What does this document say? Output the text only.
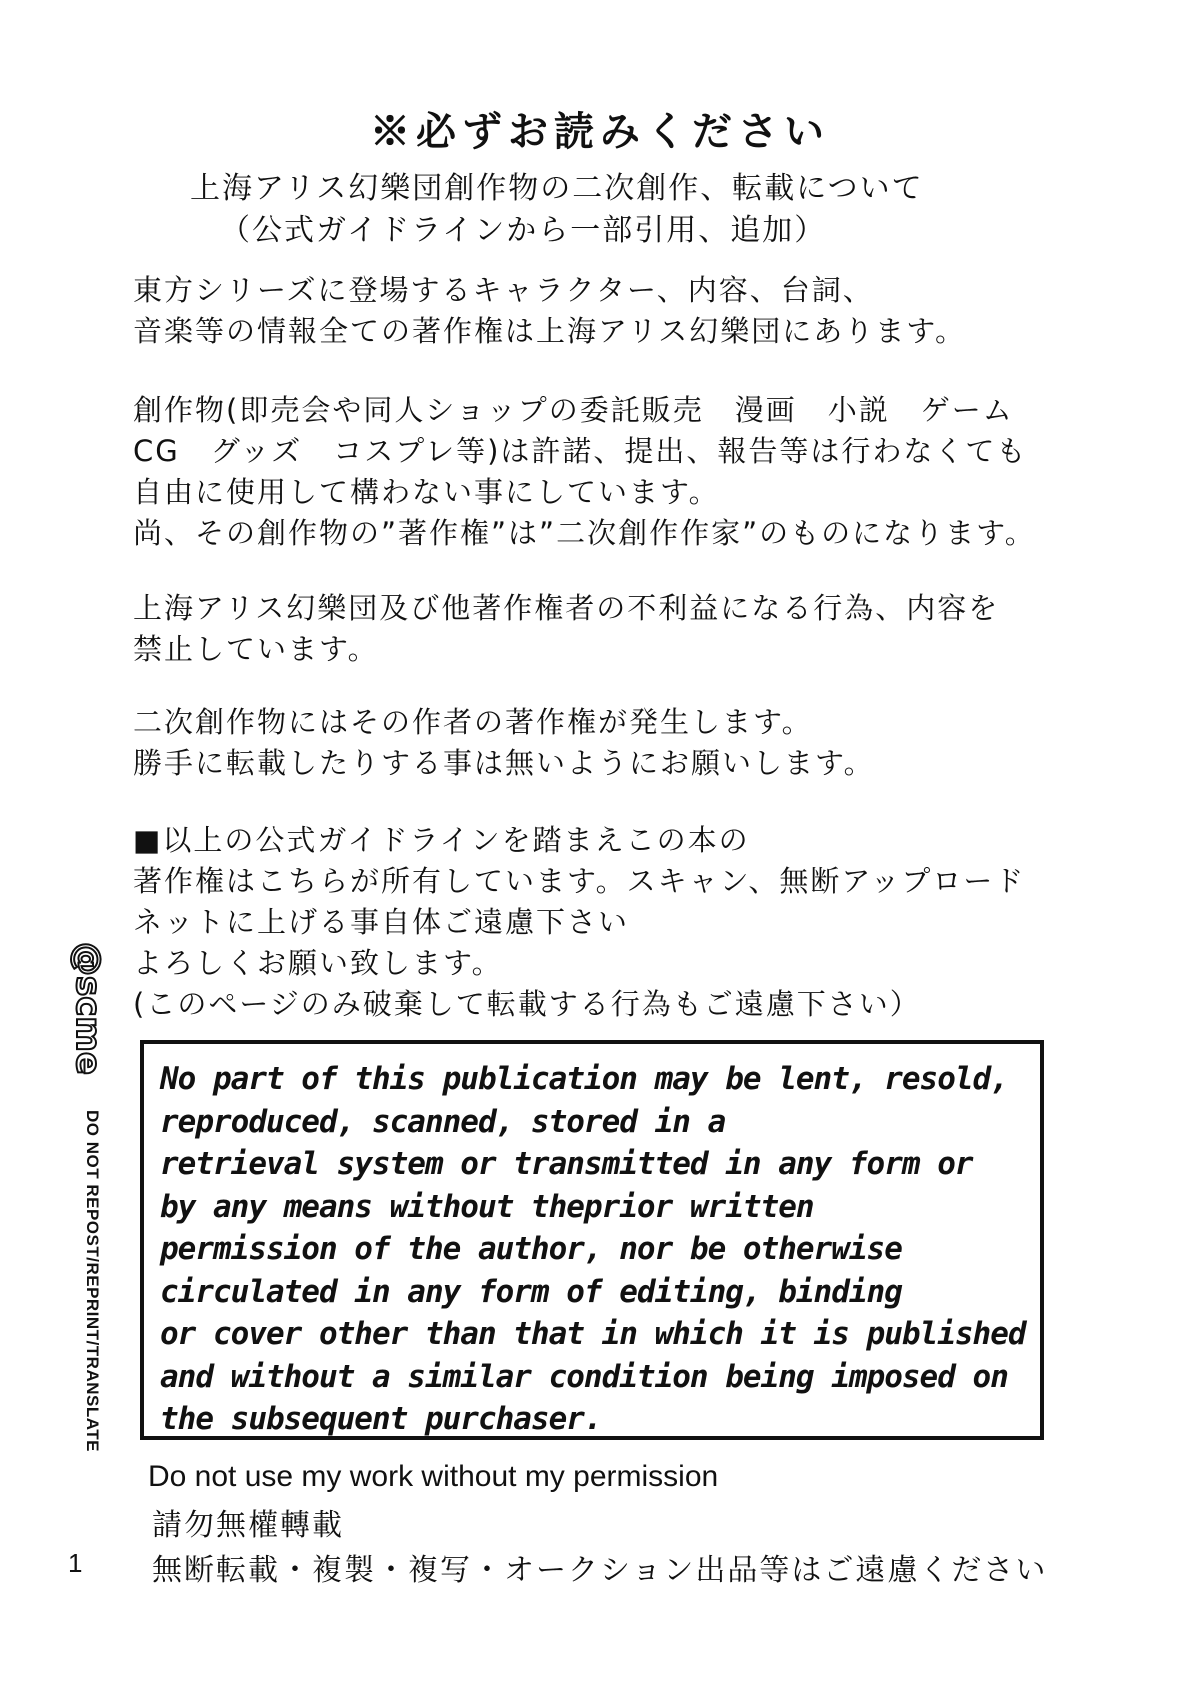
※必ずお読みください
上海アリス幻樂団創作物の二次創作、転載について
（公式ガイドラインから一部引用、追加）
東方シリーズに登場するキャラクター、内容、台詞、
音楽等の情報全ての著作権は上海アリス幻樂団にあります。
創作物(即売会や同人ショップの委託販売　漫画　小説　ゲーム
CG　グッズ　コスプレ等)は許諾、提出、報告等は行わなくても
自由に使用して構わない事にしています。
尚、その創作物の”著作権”は”二次創作作家”のものになります。
上海アリス幻樂団及び他著作権者の不利益になる行為、内容を
禁止しています。
二次創作物にはその作者の著作権が発生します。
勝手に転載したりする事は無いようにお願いします。
■以上の公式ガイドラインを踏まえこの本の
著作権はこちらが所有しています。スキャン、無断アップロード
ネットに上げる事自体ご遠慮下さい
よろしくお願い致します。
(このページのみ破棄して転載する行為もご遠慮下さい）
@scme
DO NOT REPOST/REPRINT/TRANSLATE
1
No part of this publication may be lent, resold,
reproduced, scanned, stored in a
retrieval system or transmitted in any form or
by any means without theprior written
permission of the author, nor be otherwise
circulated in any form of editing, binding
or cover other than that in which it is published
and without a similar condition being imposed on
the subsequent purchaser.
Do not use my work without my permission
請勿無權轉載
無断転載・複製・複写・オークション出品等はご遠慮ください
